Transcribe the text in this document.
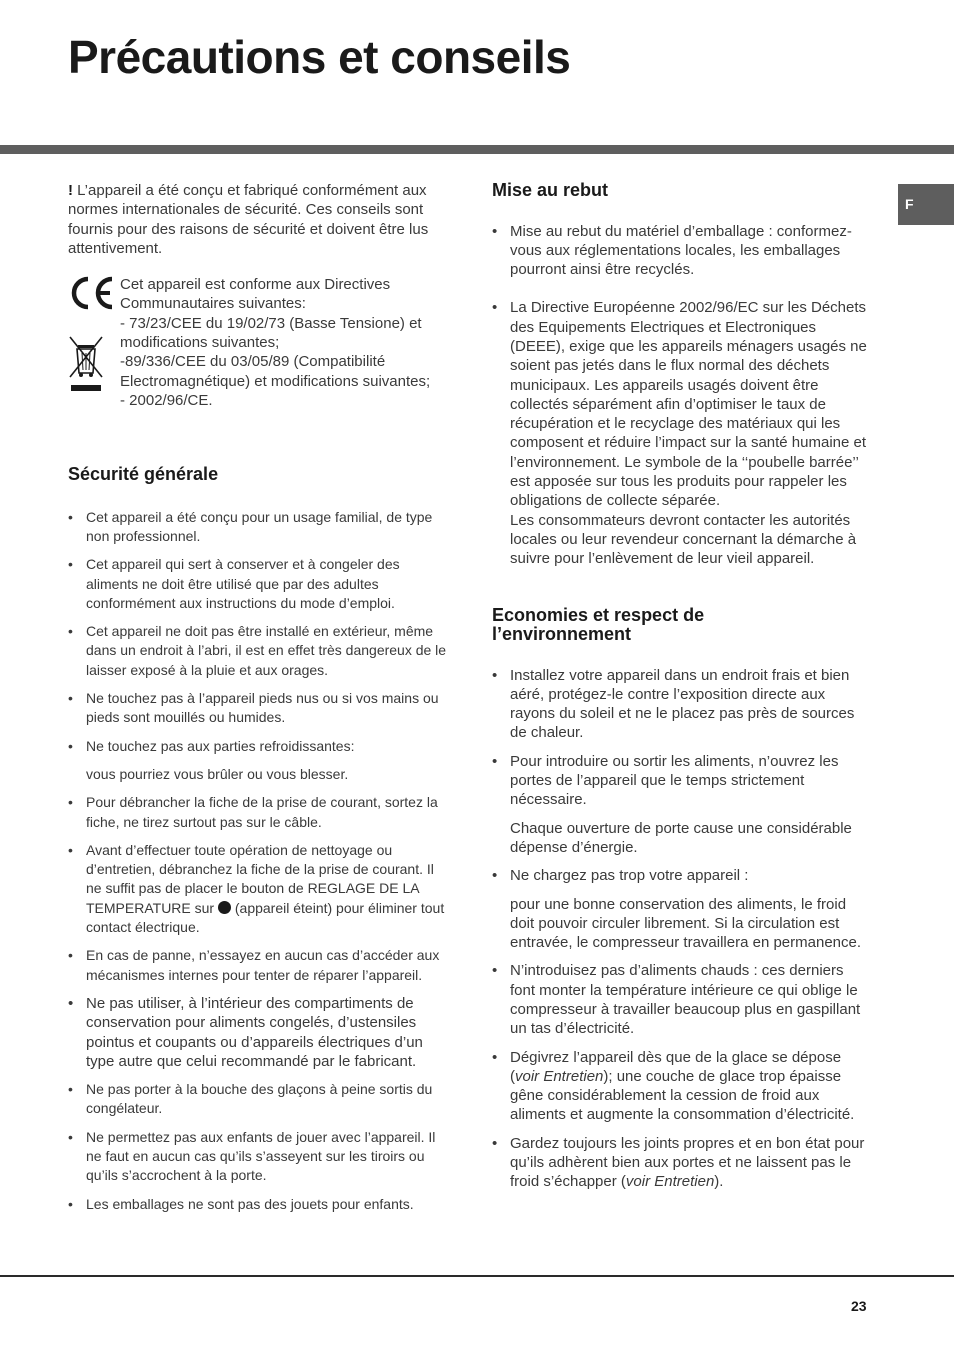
Précautions et conseils
F

! L’appareil a été conçu et fabriqué conformément aux normes internationales de sécurité. Ces conseils sont fournis pour des raisons de sécurité et doivent être lus attentivement.

Cet appareil est conforme aux Directives
Communautaires suivantes:
- 73/23/CEE du 19/02/73 (Basse Tensione) et
modifications suivantes;
-89/336/CEE du 03/05/89 (Compatibilité
Electromagnétique) et modifications suivantes;
- 2002/96/CE.
Sécurité générale
• Cet appareil a été conçu pour un usage familial, de type non professionnel.
• Cet appareil qui sert à conserver et à congeler des aliments ne doit être utilisé que par des adultes conformément aux instructions du mode d’emploi.
• Cet appareil ne doit pas être installé en extérieur, même dans un endroit à l’abri, il est en effet très dangereux de le laisser exposé à la pluie et aux orages.
• Ne touchez pas à l’appareil pieds nus ou si vos mains ou pieds sont mouillés ou humides.
• Ne touchez pas aux parties refroidissantes:
vous pourriez vous brûler ou vous blesser.
• Pour débrancher la fiche de la prise de courant, sortez la fiche, ne tirez surtout pas sur le câble.
• Avant d’effectuer toute opération de nettoyage ou d’entretien, débranchez la fiche de la prise de courant. Il ne suffit pas de placer le bouton de REGLAGE DE LA TEMPERATURE sur (appareil éteint) pour éliminer tout contact électrique.
• En cas de panne, n’essayez en aucun cas d’accéder aux mécanismes internes pour tenter de réparer l’appareil.
• Ne pas utiliser, à l’intérieur des compartiments de conservation pour aliments congelés, d’ustensiles pointus et coupants ou d’appareils électriques d’un type autre que celui recommandé par le fabricant.
• Ne pas porter à la bouche des glaçons à peine sortis du congélateur.
• Ne permettez pas aux enfants de jouer avec l’appareil. Il ne faut en aucun cas qu’ils s’asseyent sur les tiroirs ou qu’ils s’accrochent à la porte.
• Les emballages ne sont pas des jouets pour enfants.
Mise au rebut
• Mise au rebut du matériel d’emballage : conformez-vous aux réglementations locales, les emballages pourront ainsi être recyclés.
• La Directive Européenne 2002/96/EC sur les Déchets des Equipements Electriques et Electroniques (DEEE), exige que les appareils ménagers usagés ne soient pas jetés dans le flux normal des déchets municipaux. Les appareils usagés doivent être collectés séparément afin d’optimiser le taux de récupération et le recyclage des matériaux qui les composent et réduire l’impact sur la santé humaine et l’environnement. Le symbole de la ‘‘poubelle barrée’’ est apposée sur tous les produits pour rappeler les obligations de collecte séparée.
Les consommateurs devront contacter les autorités locales ou leur revendeur concernant la démarche à suivre pour l’enlèvement de leur vieil appareil.
Economies et respect de
l’environnement
• Installez votre appareil dans un endroit frais et bien aéré, protégez-le contre l’exposition directe aux rayons du soleil et ne le placez pas près de sources de chaleur.
• Pour introduire ou sortir les aliments, n’ouvrez les portes de l’appareil que le temps strictement nécessaire.
Chaque ouverture de porte cause une considérable dépense d’énergie.
• Ne chargez pas trop votre appareil :
pour une bonne conservation des aliments, le froid doit pouvoir circuler librement. Si la circulation est entravée, le compresseur travaillera en permanence.
• N’introduisez pas d’aliments chauds : ces derniers font monter la température intérieure ce qui oblige le compresseur à travailler beaucoup plus en gaspillant un tas d’électricité.
• Dégivrez l’appareil dès que de la glace se dépose (voir Entretien); une couche de glace trop épaisse gêne considérablement la cession de froid aux aliments et augmente la consommation d’électricité.
• Gardez toujours les joints propres et en bon état pour qu’ils adhèrent bien aux portes et ne laissent pas le froid s’échapper (voir Entretien).
23
